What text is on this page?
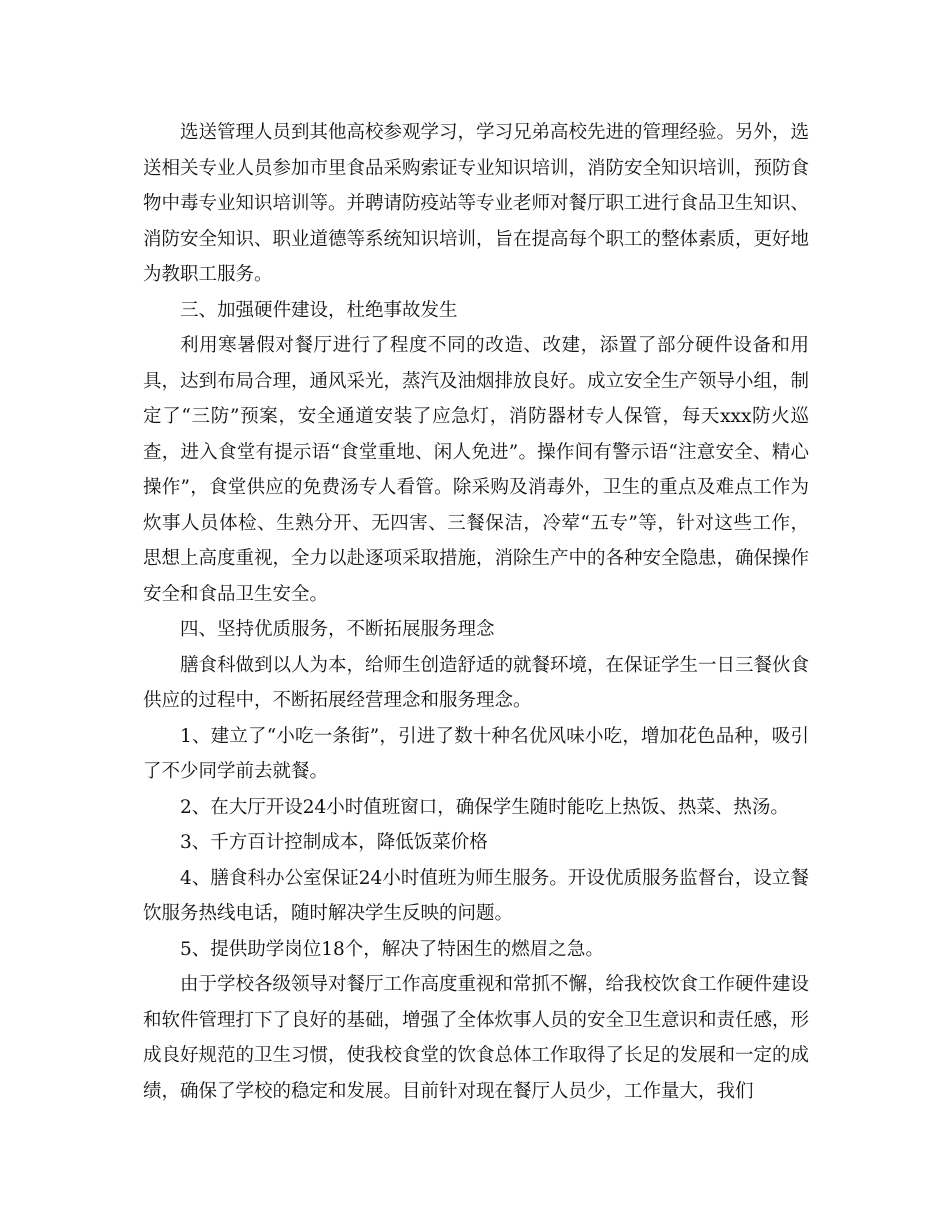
选送管理人员到其他高校参观学习，学习兄弟高校先进的管理经验。另外，选送相关专业人员参加市里食品采购索证专业知识培训，消防安全知识培训，预防食物中毒专业知识培训等。并聘请防疫站等专业老师对餐厅职工进行食品卫生知识、消防安全知识、职业道德等系统知识培训，旨在提高每个职工的整体素质，更好地为教职工服务。

三、加强硬件建设，杜绝事故发生

利用寒暑假对餐厅进行了程度不同的改造、改建，添置了部分硬件设备和用具，达到布局合理，通风采光，蒸汽及油烟排放良好。成立安全生产领导小组，制定了“三防”预案，安全通道安装了应急灯，消防器材专人保管，每天xxx防火巡查，进入食堂有提示语“食堂重地、闲人免进”。操作间有警示语“注意安全、精心操作”，食堂供应的免费汤专人看管。除采购及消毒外，卫生的重点及难点工作为炊事人员体检、生熟分开、无四害、三餐保洁，冷荤“五专”等，针对这些工作，思想上高度重视，全力以赴逐项采取措施，消除生产中的各种安全隐患，确保操作安全和食品卫生安全。

四、坚持优质服务，不断拓展服务理念

膳食科做到以人为本，给师生创造舒适的就餐环境，在保证学生一日三餐伙食供应的过程中，不断拓展经营理念和服务理念。

1、建立了“小吃一条街”，引进了数十种名优风味小吃，增加花色品种，吸引了不少同学前去就餐。

2、在大厅开设24小时值班窗口，确保学生随时能吃上热饭、热菜、热汤。

3、千方百计控制成本，降低饭菜价格

4、膳食科办公室保证24小时值班为师生服务。开设优质服务监督台，设立餐饮服务热线电话，随时解决学生反映的问题。

5、提供助学岗位18个，解决了特困生的燃眉之急。

由于学校各级领导对餐厅工作高度重视和常抓不懈，给我校饮食工作硬件建设和软件管理打下了良好的基础，增强了全体炊事人员的安全卫生意识和责任感，形成良好规范的卫生习惯，使我校食堂的饮食总体工作取得了长足的发展和一定的成绩，确保了学校的稳定和发展。目前针对现在餐厅人员少，工作量大，我们
